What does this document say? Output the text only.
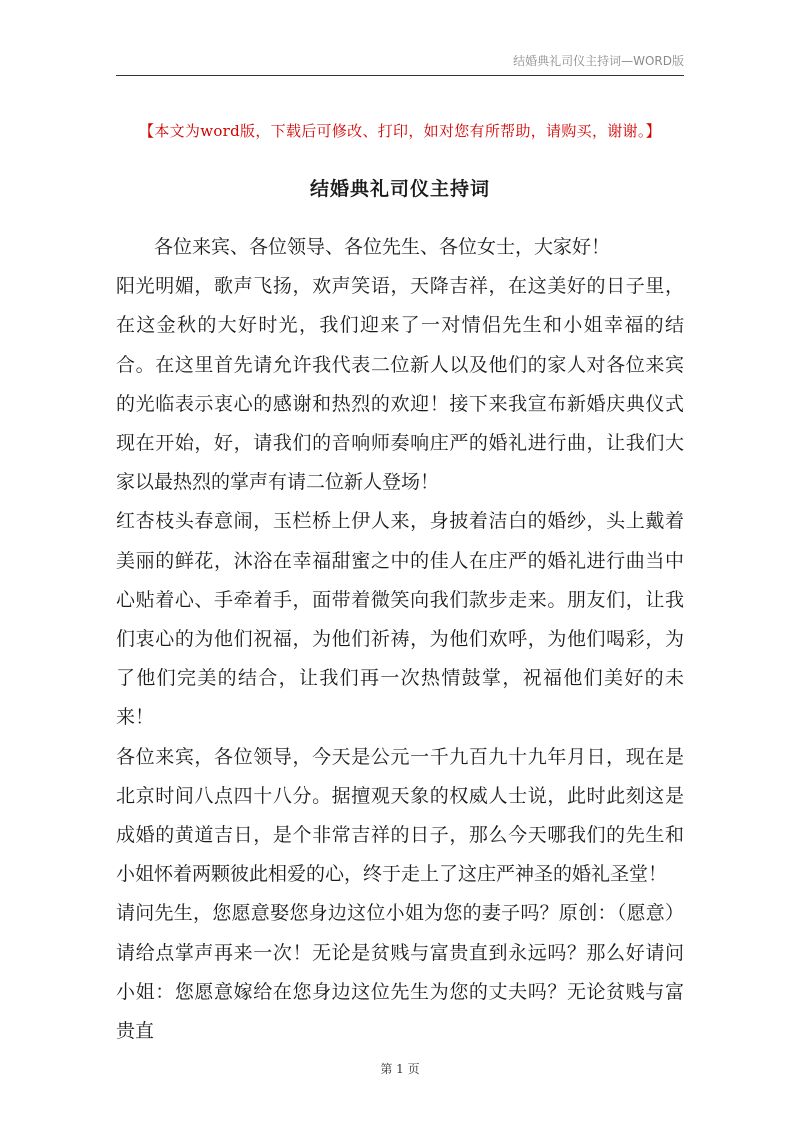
结婚典礼司仪主持词—WORD版
【本文为word版，下载后可修改、打印，如对您有所帮助，请购买，谢谢。】
结婚典礼司仪主持词

各位来宾、各位领导、各位先生、各位女士，大家好！

阳光明媚，歌声飞扬，欢声笑语，天降吉祥，在这美好的日子里，在这金秋的大好时光，我们迎来了一对情侣先生和小姐幸福的结合。在这里首先请允许我代表二位新人以及他们的家人对各位来宾的光临表示衷心的感谢和热烈的欢迎！接下来我宣布新婚庆典仪式现在开始，好，请我们的音响师奏响庄严的婚礼进行曲，让我们大家以最热烈的掌声有请二位新人登场！

红杏枝头春意闹，玉栏桥上伊人来，身披着洁白的婚纱，头上戴着美丽的鲜花，沐浴在幸福甜蜜之中的佳人在庄严的婚礼进行曲当中心贴着心、手牵着手，面带着微笑向我们款步走来。朋友们，让我们衷心的为他们祝福，为他们祈祷，为他们欢呼，为他们喝彩，为了他们完美的结合，让我们再一次热情鼓掌，祝福他们美好的未来！

各位来宾，各位领导，今天是公元一千九百九十九年月日，现在是北京时间八点四十八分。据擅观天象的权威人士说，此时此刻这是成婚的黄道吉日，是个非常吉祥的日子，那么今天哪我们的先生和小姐怀着两颗彼此相爱的心，终于走上了这庄严神圣的婚礼圣堂！

请问先生，您愿意娶您身边这位小姐为您的妻子吗？原创：（愿意）请给点掌声再来一次！无论是贫贱与富贵直到永远吗？那么好请问小姐：您愿意嫁给在您身边这位先生为您的丈夫吗？无论贫贱与富贵直

第 1 页
